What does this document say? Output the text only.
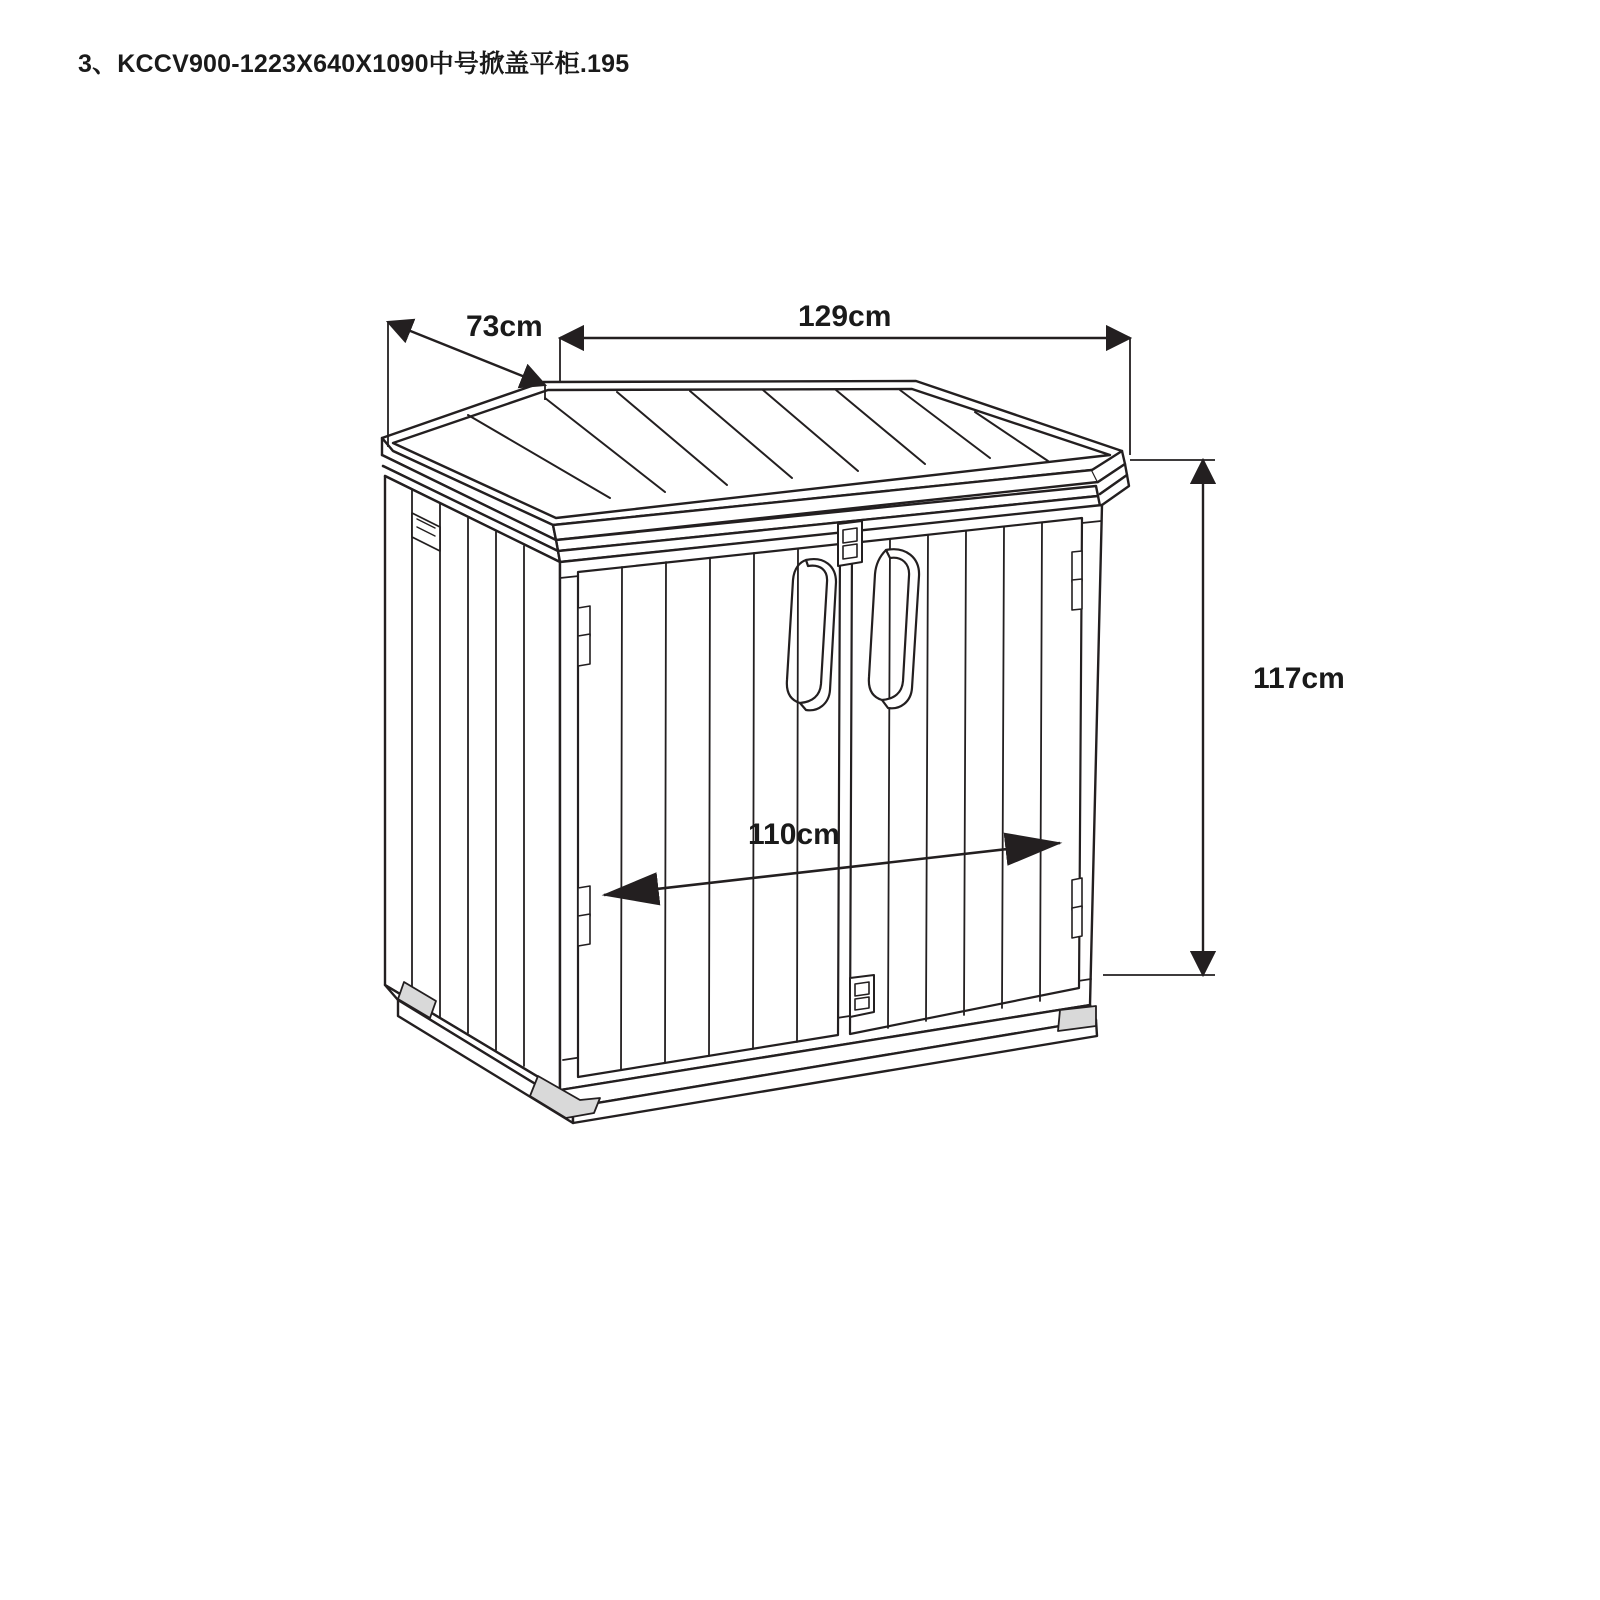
3、KCCV900-1223X640X1090中号掀盖平柜.195
73cm	129cm
117cm
110cm
